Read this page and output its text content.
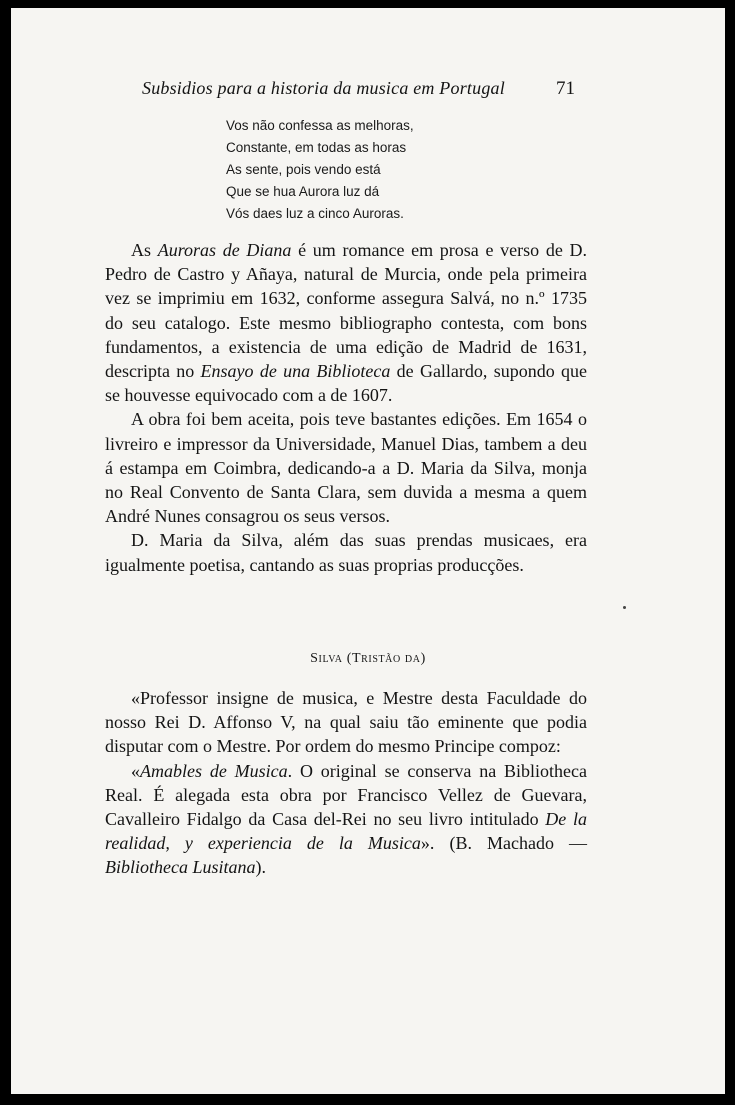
Subsidios para a historia da musica em Portugal	71
Vos não confessa as melhoras,
Constante, em todas as horas
As sente, pois vendo está
Que se hua Aurora luz dá
Vós daes luz a cinco Auroras.

As Auroras de Diana é um romance em prosa e verso de D. Pedro de Castro y Añaya, natural de Murcia, onde pela primeira vez se imprimiu em 1632, conforme assegura Salvá, no n.º 1735 do seu catalogo. Este mesmo bibliographo contesta, com bons fundamentos, a existencia de uma edição de Madrid de 1631, descripta no Ensayo de una Biblioteca de Gallardo, supondo que se houvesse equivocado com a de 1607.

A obra foi bem aceita, pois teve bastantes edições. Em 1654 o livreiro e impressor da Universidade, Manuel Dias, tambem a deu á estampa em Coimbra, dedicando-a a D. Maria da Silva, monja no Real Convento de Santa Clara, sem duvida a mesma a quem André Nunes consagrou os seus versos.

D. Maria da Silva, além das suas prendas musicaes, era igualmente poetisa, cantando as suas proprias producções.

Silva (Tristão da)

«Professor insigne de musica, e Mestre desta Faculdade do nosso Rei D. Affonso V, na qual saiu tão eminente que podia disputar com o Mestre. Por ordem do mesmo Principe compoz:

«Amables de Musica. O original se conserva na Bibliotheca Real. É alegada esta obra por Francisco Vellez de Guevara, Cavalleiro Fidalgo da Casa del-Rei no seu livro intitulado De la realidad, y experiencia de la Musica». (B. Machado — Bibliotheca Lusitana).
